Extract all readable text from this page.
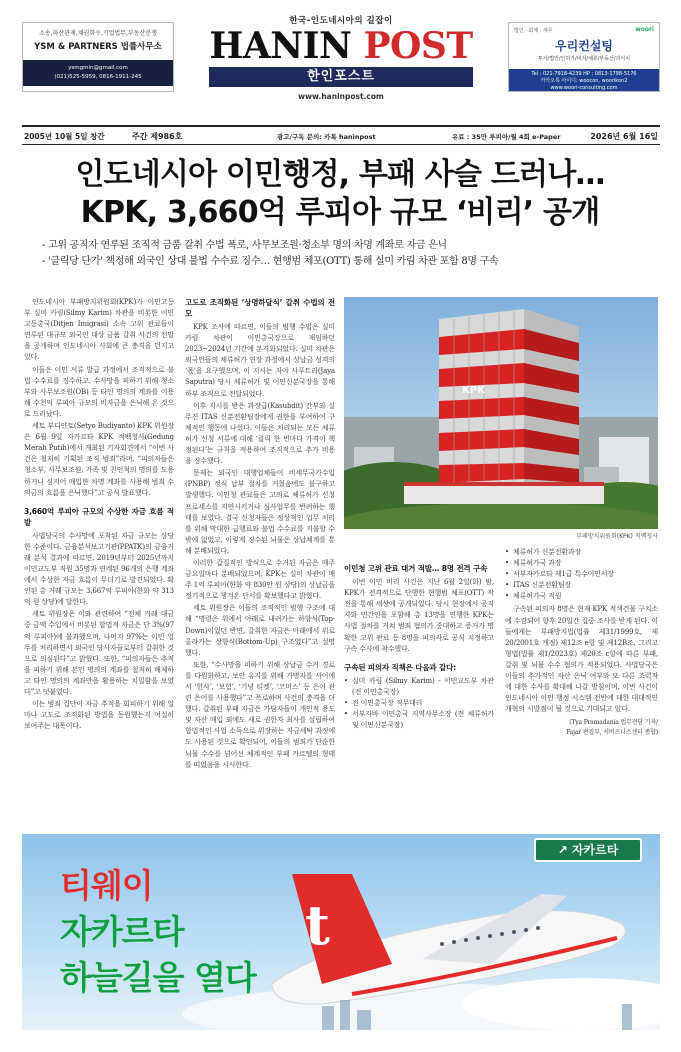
소송,파산관재,채권회수,기업법무,부동산분쟁
YSM & PARTNERS 법률사무소
ysmgmin@gmail.com
(021)525-5959, 0816-1911-245
한국-인도네시아의 길잡이
HANIN POST
한인포스트
www.haninpost.com
법인 · 회계 · 세무	woori
우리컨설팅
투자/법인/인허가/비자/체류/부동산/리서치
Tel : 021-7918-4239 HP : 0813-1798-5176
카카오톡 아이디: woocon, woorikon2
www.woori-consulting.com
2005년 10월 5일 창간	주간 제986호	광고/구독 문의: 카톡 haninpost	유료 : 35만 루피아/월 4회 e-Paper	2026년 6월 16일
인도네시아 이민행정, 부패 사슬 드러나…
KPK, 3,660억 루피아 규모 ‘비리’ 공개
- 고위 공직자 연루된 조직적 금품 갈취 수법 폭로, 사무보조원·청소부 명의 차명 계좌로 자금 은닉
- '클릭당 단가' 책정해 외국인 상대 불법 수수료 징수… 현행범 체포(OTT) 통해 실미 카림 차관 포함 8명 구속

인도네시아 부패방지위원회(KPK)가 이민고등부 실미 카림(Silmy Karim) 차관을 비롯한 이민고등총국(Ditjen Imigrasi) 소속 고위 관료들이 연루된 대규모 외국인 대상 금품 갈취 사건의 전말을 공개하며 인도네시아 사회에 큰 충격을 던지고 있다.

이들은 이민 서류 발급 과정에서 조직적으로 불법 수수료를 징수하고, 수사망을 피하기 위해 청소부와 사무보조원(OB) 등 타인 명의의 계좌를 이용해 수천억 루피아 규모의 비자금을 은닉해 온 것으로 드러났다.

세토 부디얀토(Setyo Budiyanto) KPK 위원장은 6월 9일 자카르타 KPK 적백청사(Gedung Merah Putih)에서 개최된 기자회견에서 “이번 사건은 철저히 기획된 조직 범죄”라며, “피의자들은 청소부, 사무보조원, 가족 및 친인척의 명의를 도용하거나 심지어 매입한 차명 계좌를 사용해 범죄 수익금의 흐름을 은닉했다”고 공식 발표했다.

3,660억 루피아 규모의 수상한 자금 흐름 적발

사법당국의 수사망에 포착된 자금 규모는 상당한 수준이다. 금융분석보고기관(PPATK)의 금융거래 분석 결과에 따르면, 2019년부터 2025년까지 이민교도부 직원 35명과 연계된 96개의 은행 계좌에서 수상한 자금 흐름이 무더기로 발견되었다. 확인된 총 거래 규모는 3,667억 루피아(한화 약 313억 원 상당)에 달한다.

세토 위원장은 이와 관련하여 “전체 거래 대금 중 금액 수입에서 비롯된 합법적 자금은 단 3%(97억 루피아)에 불과했으며, 나머지 97%는 이민 업무를 처리하면서 외국인 당사자들로부터 갈취한 것으로 의심된다”고 밝혔다. 또한, “피의자들은 추적을 피하기 위해 본인 명의의 계좌를 철저히 배제하고 타인 명의의 계좌만을 활용하는 치밀함을 보였다”고 덧붙였다.

이는 범죄 집단이 자금 추적을 회피하기 위해 얼마나 고도로 조직화된 방법을 동원했는지 여실히 보여주는 대목이다.

고도로 조직화된 ‘상명하달식’ 갈취 수법의 전모

KPK 조사에 따르면, 이들의 범행 수법은 실미 카림 차관이 이민총국장으로 재임하던 2023~2024년 기간에 본격화되었다. 실미 차관은 외국인들의 체류허가 연장 과정에서 상납금 성격의 ‘몫’을 요구했으며, 이 지시는 자야 사푸트라(Jaya Saputra) 당시 체류허가 및 이민신분국장을 통해 하부 조직으로 전달되었다.

이후 지시를 받은 과장급(Kasubdit) 간부와 실무진 ITAS 신분전환팀장에게 권한을 부여하여 구체적인 행동에 나섰다. 이들은 처리되는 모든 체류허가 신청 서류에 대해 ‘클릭 한 번마다 가격이 책정된다’는 규칙을 적용하여 조직적으로 추가 비용을 징수했다.

문제는 외국인 대행업체들이 비세무국가수입(PNBP) 정식 납부 절차를 거쳤음에도 불구하고 발생했다. 이민청 관료들은 고의로 체류허가 신청 프로세스를 지연시키거나 심사업무를 반려하는 행태를 보였다. 결국 신청자들은 정상적인 업무 처리를 위해 막대한 급행료와 불법 수수료를 지불할 수밖에 없었고, 이렇게 징수된 뇌물은 상납체계를 통해 분배되었다.

이러한 갑질적인 방식으로 수거된 자금은 매주 금요일마다 분배되었으며, KPK는 실미 차관이 매주 1억 루피아(한화 약 830만 원 상당)의 상납금을 정기적으로 챙겨온 단서를 확보했다고 밝혔다.

세토 위원장은 이들의 조직적인 범행 구조에 대해 “명령은 위에서 아래로 내려가는 하향식(Top-Down)이었던 반면, 갈취한 자금은 아래에서 위로 올라가는 상향식(Bottom-Up) 구조였다”고 설명했다.

또한, “수사망을 피하기 위해 상납금 수거 경로를 다원화하고, 보안 유지를 위해 가명자를 사이에서 ‘헌사’, ‘보험’, ‘기념 티켓’, ‘코머스’ 등 은어 관련 은어를 사용했다”고 폭로하며 사건의 충격을 더했다. 갈취된 부패 자금은 가담자들이 개인적 용도 및 자산 매입 외에도 새로 권한자 최사를 설립하여 합법적인 사업 소득으로 위장하는 자금세탁 과정에도 사용된 것으로 확인되어, 이들의 범죄가 단순한 뇌물 수수를 넘어선 체계적인 부패 카르텔의 형태를 띠었음을 시사한다.

KPK
부패방지위원회(KPK) 적백청사

이민청 고위 관료 대거 적발… 8명 전격 구속

이번 이민 비리 사건은 지난 6월 2일(화) 밤, KPK가 전격적으로 단행한 현행범 체포(OTT) 작전을 통해 세상에 공개되었다. 당시 현장에서 공직자와 민간인을 포함해 총 13명을 연행한 KPK는 사법 절차를 거쳐 범죄 혐의가 중대하고 증거가 명확한 고위 관료 등 8명을 피의자로 공식 지정하고 구속 수사에 착수했다.

구속된 피의자 직책은 다음과 같다:
• 실미 카림 (Silmy Karim) - 이민교도부 차관 (전 이민총국장)
• 전 이민총국장 직무대리
• 서부자바 이민총국 지역사무소장 (전 체류허가 및 이민신분국장)
• 체류허가 신분전환과장
• 체류허가국 과장
• 서부자카르타 제1급 특수이민서장
• ITAS 신분전환팀장
• 체류허가국 직원

구속된 피의자 8명은 현재 KPK 적색건물 구치소에 수감되어 향후 20일간 집중 조사를 받게 된다. 이들에게는 부패방지법(법률 제31/1999호, 제20/2001호 개정) 제12조 e항 및 제12B조, 그리고 형법(법률 제1/2023호) 제20조 c항에 따른 부패, 갈취 및 뇌물 수수 혐의가 적용되었다. 사법당국은 이들의 추가적인 자산 은닉 여부와 또 다른 조력자에 대한 수사를 확대해 나갈 방침이며, 이번 사건이 인도네시아 이민 행정 시스템 전반에 대한 대대적인 개혁의 시발점이 될 것으로 기대되고 있다.

(Tya Pramadania 법무전담 기자/

Fajar 편집부, 서비즈니스센터 종합)

t
티웨이
자카르타
하늘길을 열다
↗ 자카르타
